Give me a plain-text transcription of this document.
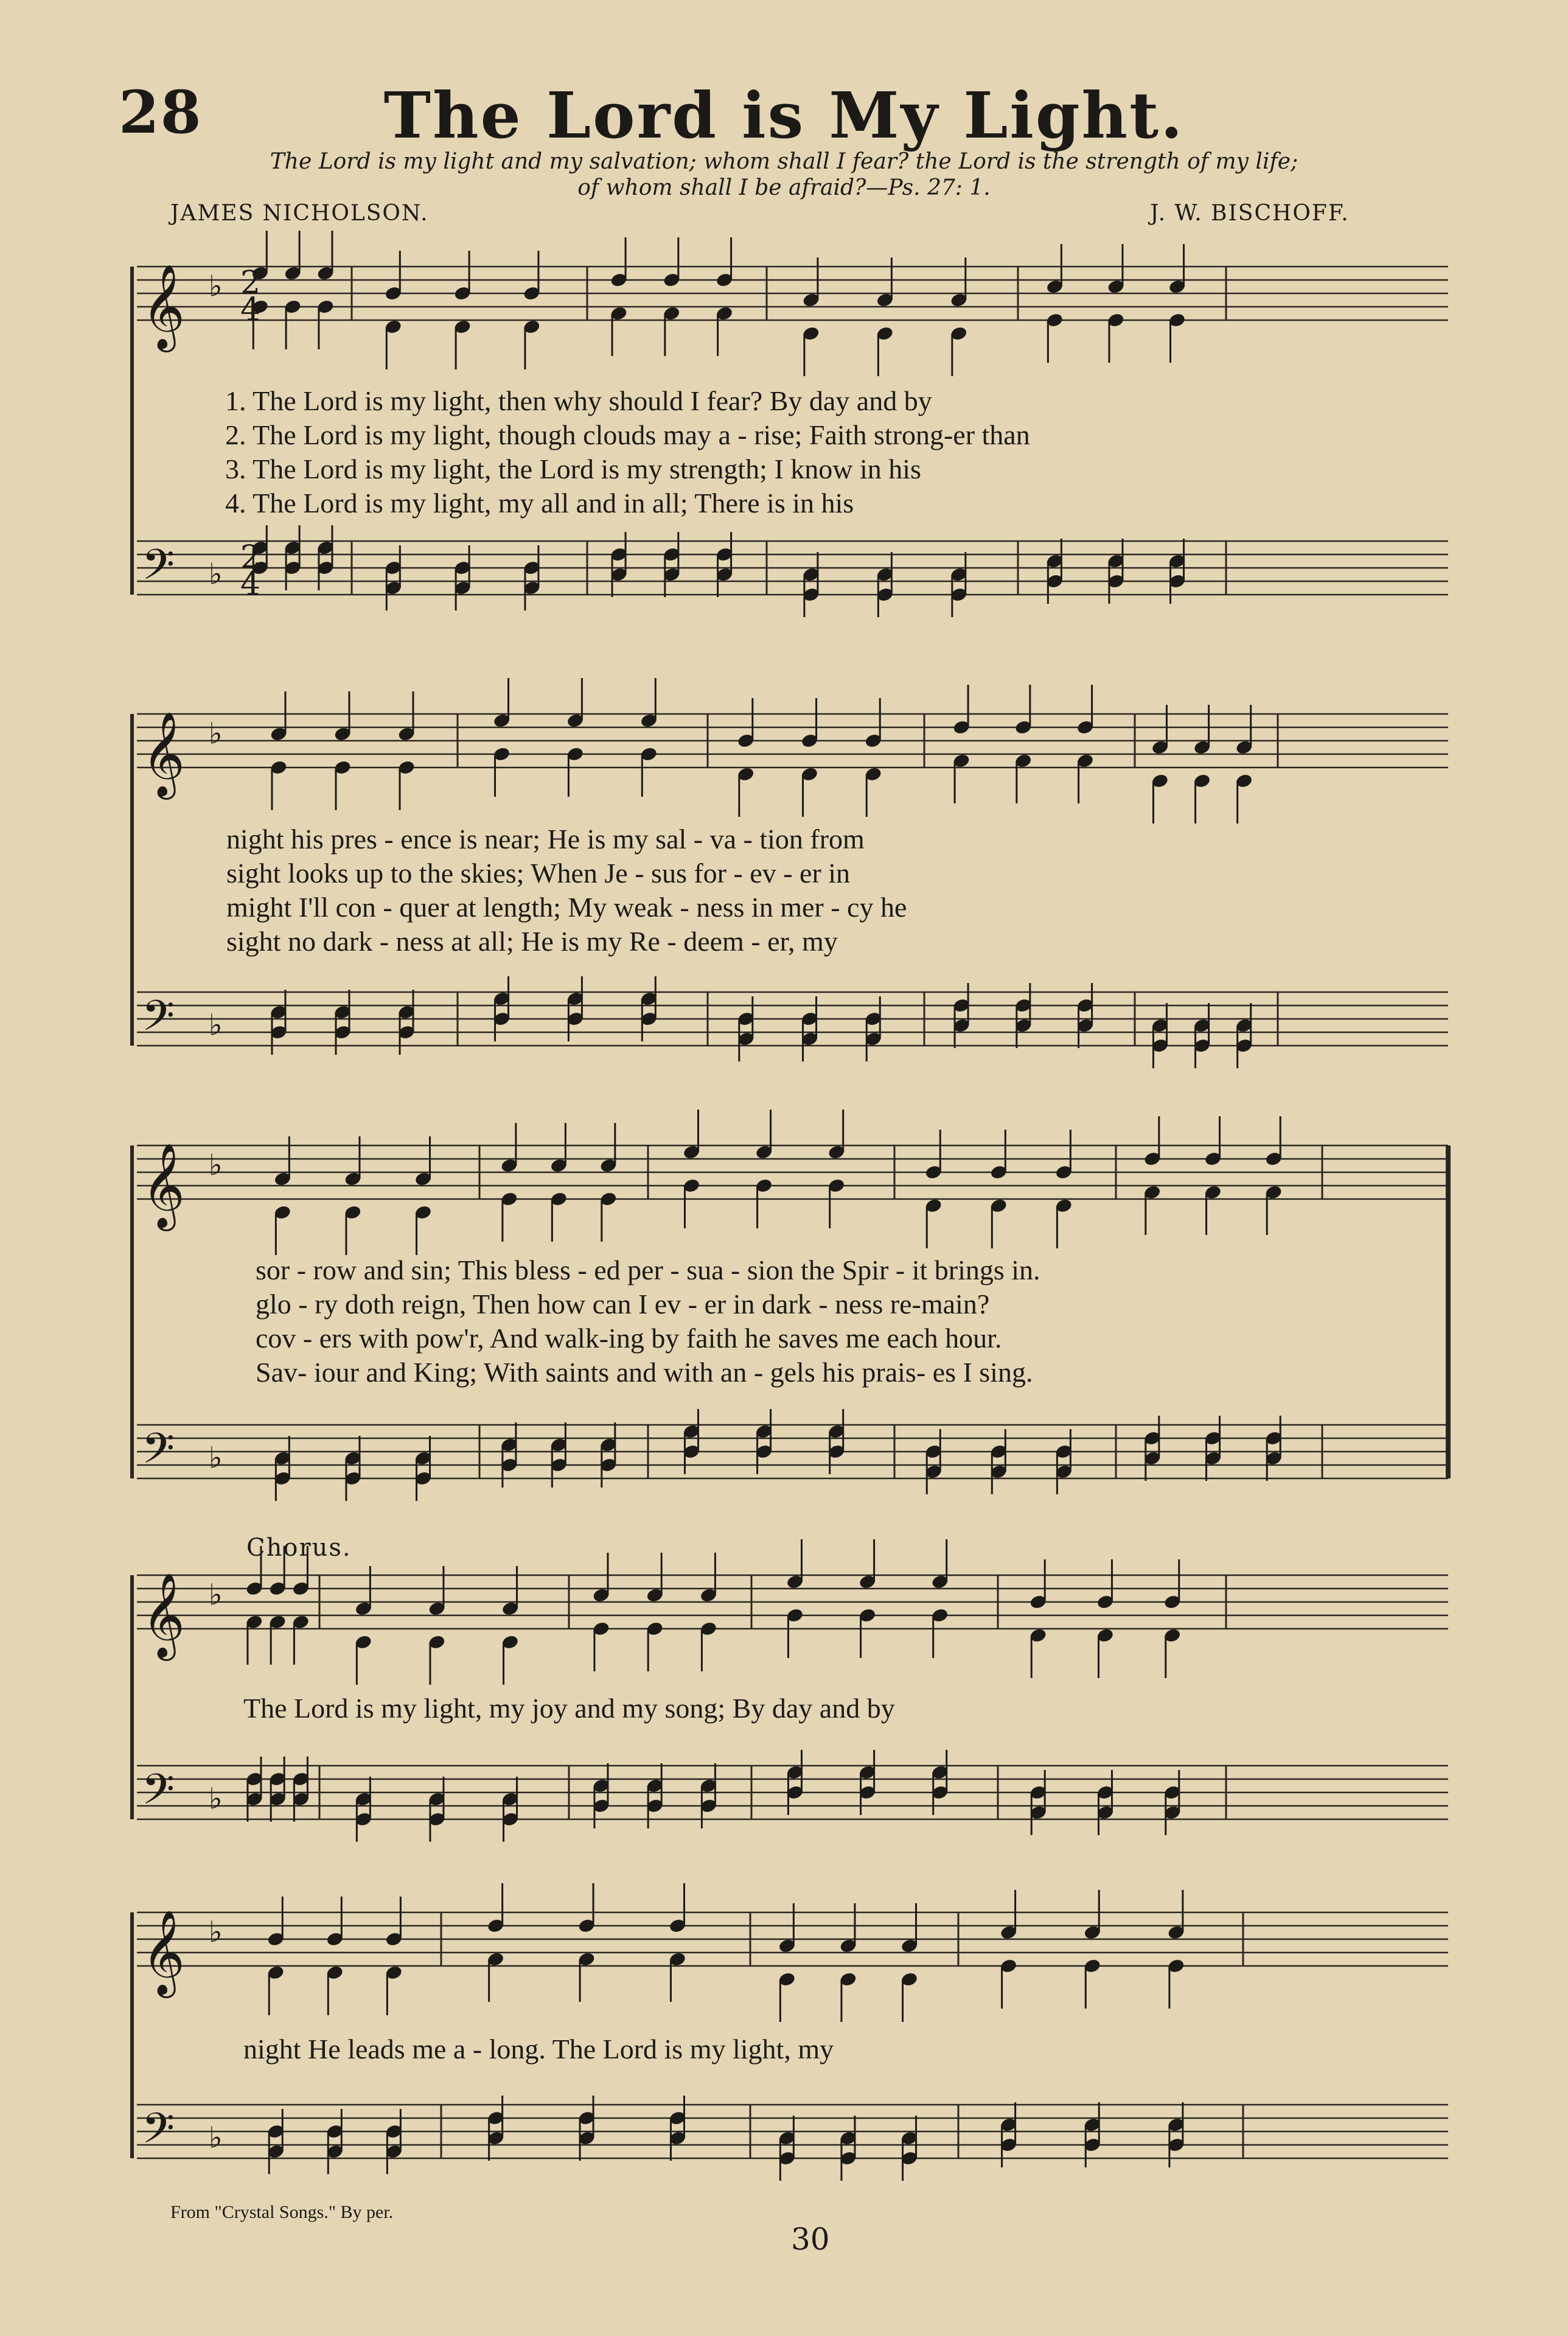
28	The Lord is My Light.
The Lord is my light and my salvation; whom shall I fear? the Lord is the strength of my life;
of whom shall I be afraid?—Ps. 27: 1.
JAMES NICHOLSON.	J. W. BISCHOFF.
𝄞 ♭
𝄢 ♭
𝄞 ♭
𝄢 ♭
𝄞 ♭
𝄢 ♭
𝄞 ♭
𝄢 ♭
𝄞 ♭
𝄢 ♭
2
4
2
4
1. The Lord is my light, then why should I fear? By day and by
2. The Lord is my light, though clouds may a - rise; Faith strong-er than
3. The Lord is my light, the Lord is my strength; I know in his
4. The Lord is my light, my all and in all; There is in his
night his pres - ence is near; He is my sal - va - tion from
sight looks up to the skies; When Je - sus for - ev - er in
might I'll con - quer at length; My weak - ness in mer - cy he
sight no dark - ness at all; He is my Re - deem - er, my
sor - row and sin; This bless - ed per - sua - sion the Spir - it brings in.
glo - ry doth reign, Then how can I ev - er in dark - ness re-main?
cov - ers with pow'r, And walk-ing by faith he saves me each hour.
Sav- iour and King; With saints and with an - gels his prais- es I sing.
Chorus.
The Lord is my light, my joy and my song; By day and by
night He leads me a - long. The Lord is my light, my
From "Crystal Songs." By per.
30
